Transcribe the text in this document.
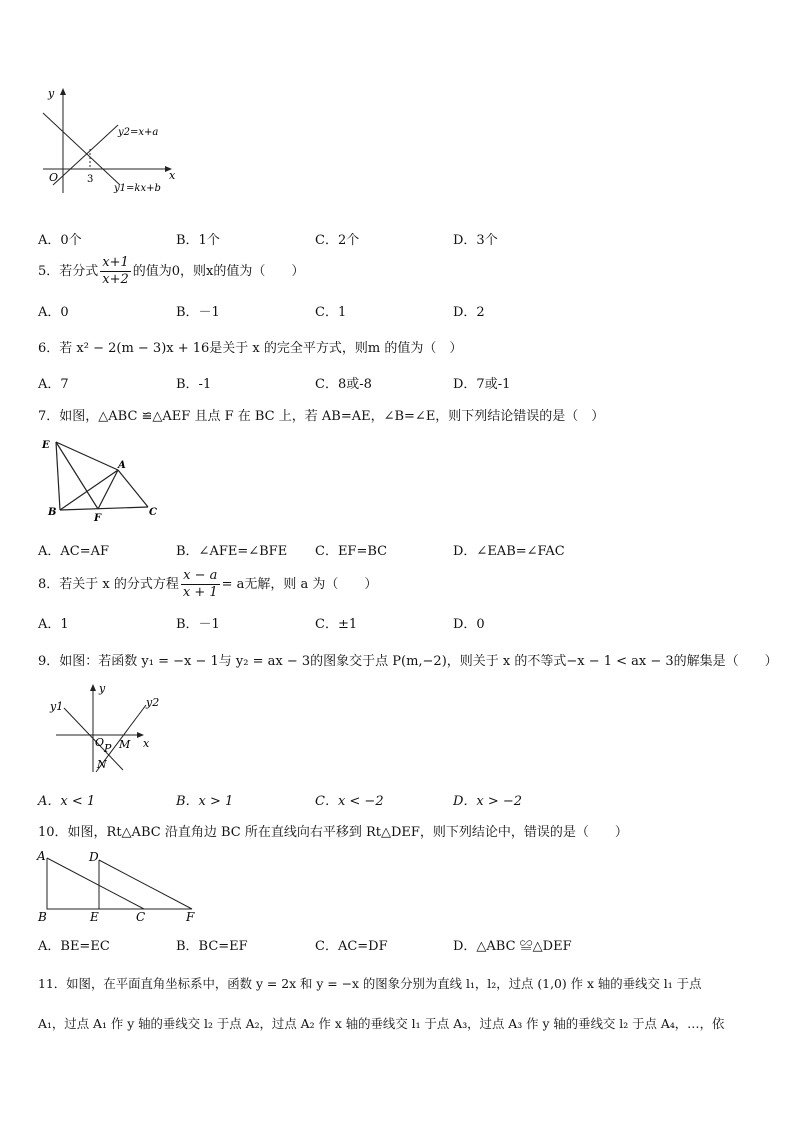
y
x
O	3
y2=x+a
y1=kx+b
A．0个	B．1个	C．2个	D．3个
5．若分式 $\frac{x+1}{x+2}$ 的值为0，则x的值为（　　）
A．0	B．－1	C．1	D．2
6．若 x² − 2(m − 3)x + 16是关于 x 的完全平方式，则m 的值为（　）
A．7	B．-1	C．8或-8	D．7或-1
7．如图，△ABC ≌△AEF 且点 F 在 BC 上，若 AB=AE，∠B=∠E，则下列结论错误的是（　）
E
A
B
F
C
A．AC=AF	B．∠AFE=∠BFE C．EF=BC	D．∠EAB=∠FAC
8．若关于 x 的分式方程 $\frac{x - a}{x + 1} = a$无解，则 a 为（　　）
A．1	B．－1	C．±1	D．0
9．如图：若函数 y₁ = −x − 1与 y₂ = ax − 3的图象交于点 P(m,−2)，则关于 x 的不等式−x − 1 < ax − 3的解集是（　　）
y
x
y1	y2
O P M
N
A．x < 1	B．x > 1	C．x < −2	D．x > −2
10．如图，Rt△ABC 沿直角边 BC 所在直线向右平移到 Rt△DEF，则下列结论中，错误的是（　　）
A	D
B	E	C	F
A．BE=EC	B．BC=EF	C．AC=DF	D．△ABC ≌△DEF
11．如图，在平面直角坐标系中，函数 y = 2x 和 y = −x 的图象分别为直线 l₁，l₂，过点 (1,0) 作 x 轴的垂线交 l₁ 于点
A₁，过点 A₁ 作 y 轴的垂线交 l₂ 于点 A₂，过点 A₂ 作 x 轴的垂线交 l₁ 于点 A₃，过点 A₃ 作 y 轴的垂线交 l₂ 于点 A₄，…，依
